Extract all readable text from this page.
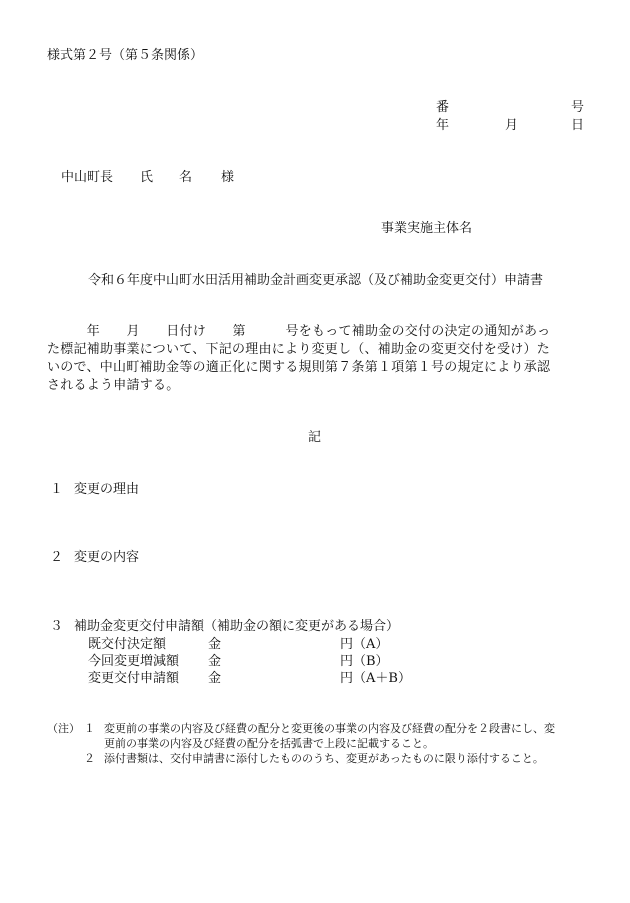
様式第２号（第５条関係）

番	号

年	月	日

中山町長 氏　　名 様

事業実施主体名

令和６年度中山町水田活用補助金計画変更承認（及び補助金変更交付）申請書

　　　年　　月　　日付け　　第　　　号をもって補助金の交付の決定の通知があっ

た標記補助事業について、下記の理由により変更し（、補助金の変更交付を受け）た

いので、中山町補助金等の適正化に関する規則第７条第１項第１号の規定により承認

されるよう申請する。

記

１ 変更の理由

２ 変更の内容

３ 補助金変更交付申請額（補助金の額に変更がある場合）

既交付決定額	金	円（A）

今回変更増減額 金	円（B）

変更交付申請額 金	円（A＋B）

（注） １ 変更前の事業の内容及び経費の配分と変更後の事業の内容及び経費の配分を２段書にし、変

更前の事業の内容及び経費の配分を括弧書で上段に記載すること。

２ 添付書類は、交付申請書に添付したもののうち、変更があったものに限り添付すること。
